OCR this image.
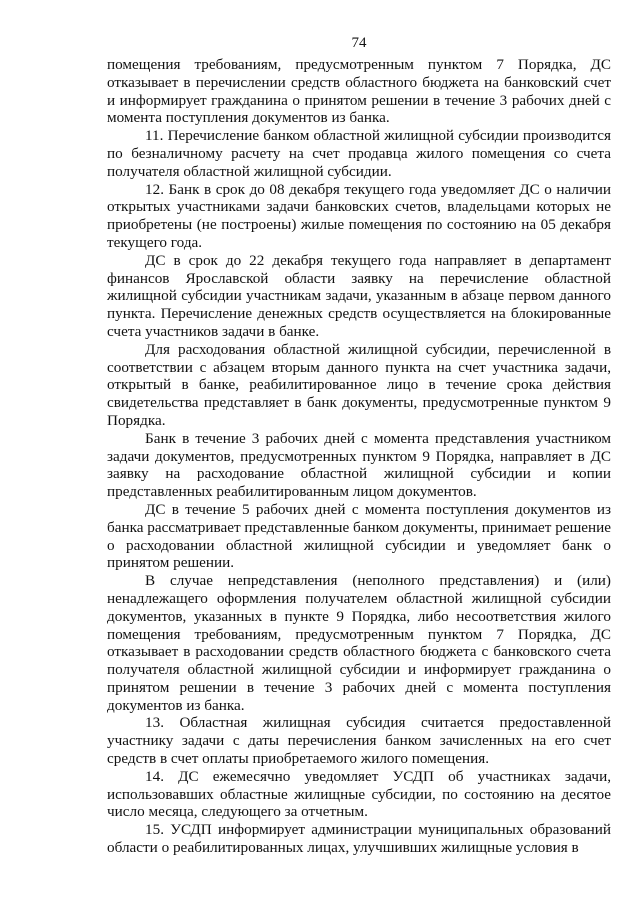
74

помещения требованиям, предусмотренным пунктом 7 Порядка, ДС отказывает в перечислении средств областного бюджета на банковский счет и информирует гражданина о принятом решении в течение 3 рабочих дней с момента поступления документов из банка.

11. Перечисление банком областной жилищной субсидии производится по безналичному расчету на счет продавца жилого помещения со счета получателя областной жилищной субсидии.

12. Банк в срок до 08 декабря текущего года уведомляет ДС о наличии открытых участниками задачи банковских счетов, владельцами которых не приобретены (не построены) жилые помещения по состоянию на 05 декабря текущего года.

ДС в срок до 22 декабря текущего года направляет в департамент финансов Ярославской области заявку на перечисление областной жилищной субсидии участникам задачи, указанным в абзаце первом данного пункта. Перечисление денежных средств осуществляется на блокированные счета участников задачи в банке.

Для расходования областной жилищной субсидии, перечисленной в соответствии с абзацем вторым данного пункта на счет участника задачи, открытый в банке, реабилитированное лицо в течение срока действия свидетельства представляет в банк документы, предусмотренные пунктом 9 Порядка.

Банк в течение 3 рабочих дней с момента представления участником задачи документов, предусмотренных пунктом 9 Порядка, направляет в ДС заявку на расходование областной жилищной субсидии и копии представленных реабилитированным лицом документов.

ДС в течение 5 рабочих дней с момента поступления документов из банка рассматривает представленные банком документы, принимает решение о расходовании областной жилищной субсидии и уведомляет банк о принятом решении.

В случае непредставления (неполного представления) и (или) ненадлежащего оформления получателем областной жилищной субсидии документов, указанных в пункте 9 Порядка, либо несоответствия жилого помещения требованиям, предусмотренным пунктом 7 Порядка, ДС отказывает в расходовании средств областного бюджета с банковского счета получателя областной жилищной субсидии и информирует гражданина о принятом решении в течение 3 рабочих дней с момента поступления документов из банка.

13. Областная жилищная субсидия считается предоставленной участнику задачи с даты перечисления банком зачисленных на его счет средств в счет оплаты приобретаемого жилого помещения.

14. ДС ежемесячно уведомляет УСДП об участниках задачи, использовавших областные жилищные субсидии, по состоянию на десятое число месяца, следующего за отчетным.

15. УСДП информирует администрации муниципальных образований области о реабилитированных лицах, улучшивших жилищные условия в
